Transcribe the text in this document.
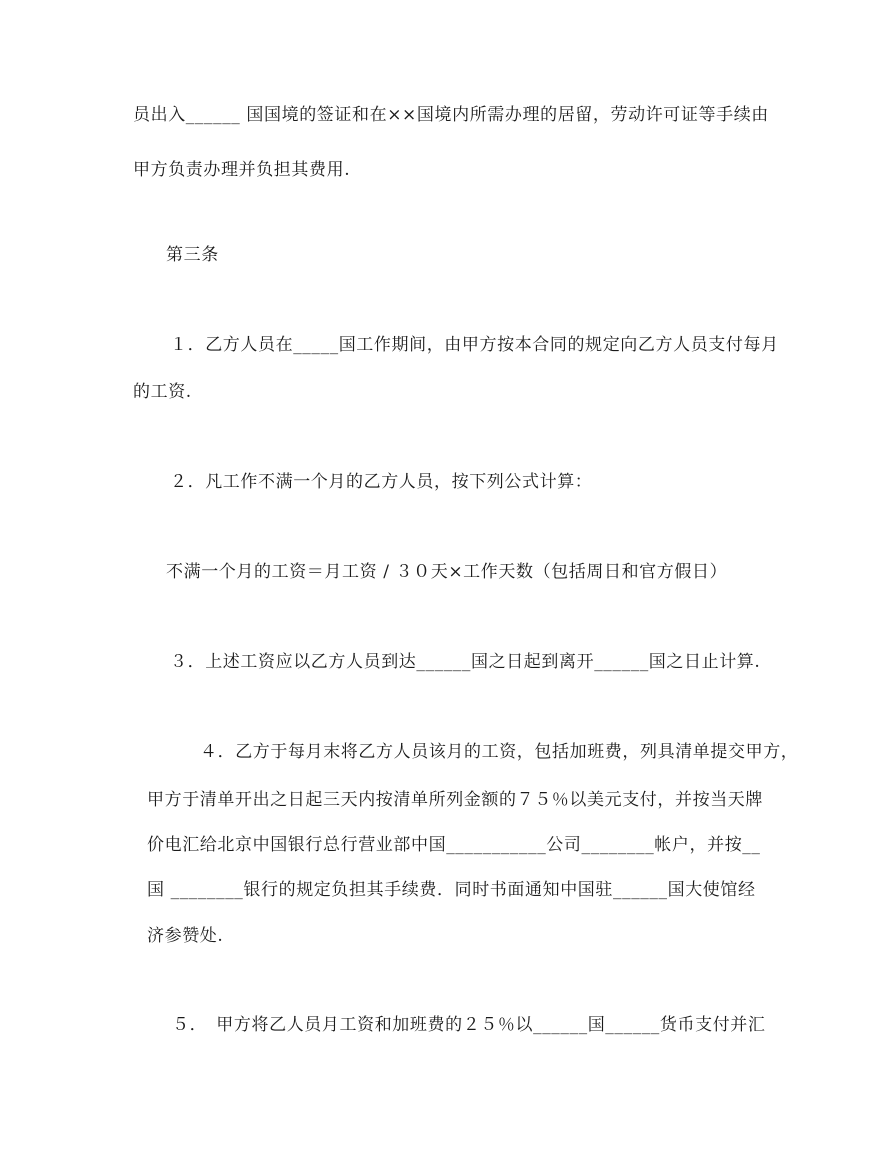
员出入______ 国国境的签证和在××国境内所需办理的居留，劳动许可证等手续由
甲方负责办理并负担其费用.
第三条
１．乙方人员在_____国工作期间，由甲方按本合同的规定向乙方人员支付每月
的工资.
２．凡工作不满一个月的乙方人员，按下列公式计算：
不满一个月的工资＝月工资 / ３０天×工作天数（包括周日和官方假日）
３．上述工资应以乙方人员到达______国之日起到离开______国之日止计算.
４．乙方于每月末将乙方人员该月的工资，包括加班费，列具清单提交甲方，
甲方于清单开出之日起三天内按清单所列金额的７５％以美元支付，并按当天牌
价电汇给北京中国银行总行营业部中国___________公司________帐户，并按__
国 ________银行的规定负担其手续费．同时书面通知中国驻______国大使馆经
济参赞处.
５．　甲方将乙人员月工资和加班费的２５％以______国______货币支付并汇
